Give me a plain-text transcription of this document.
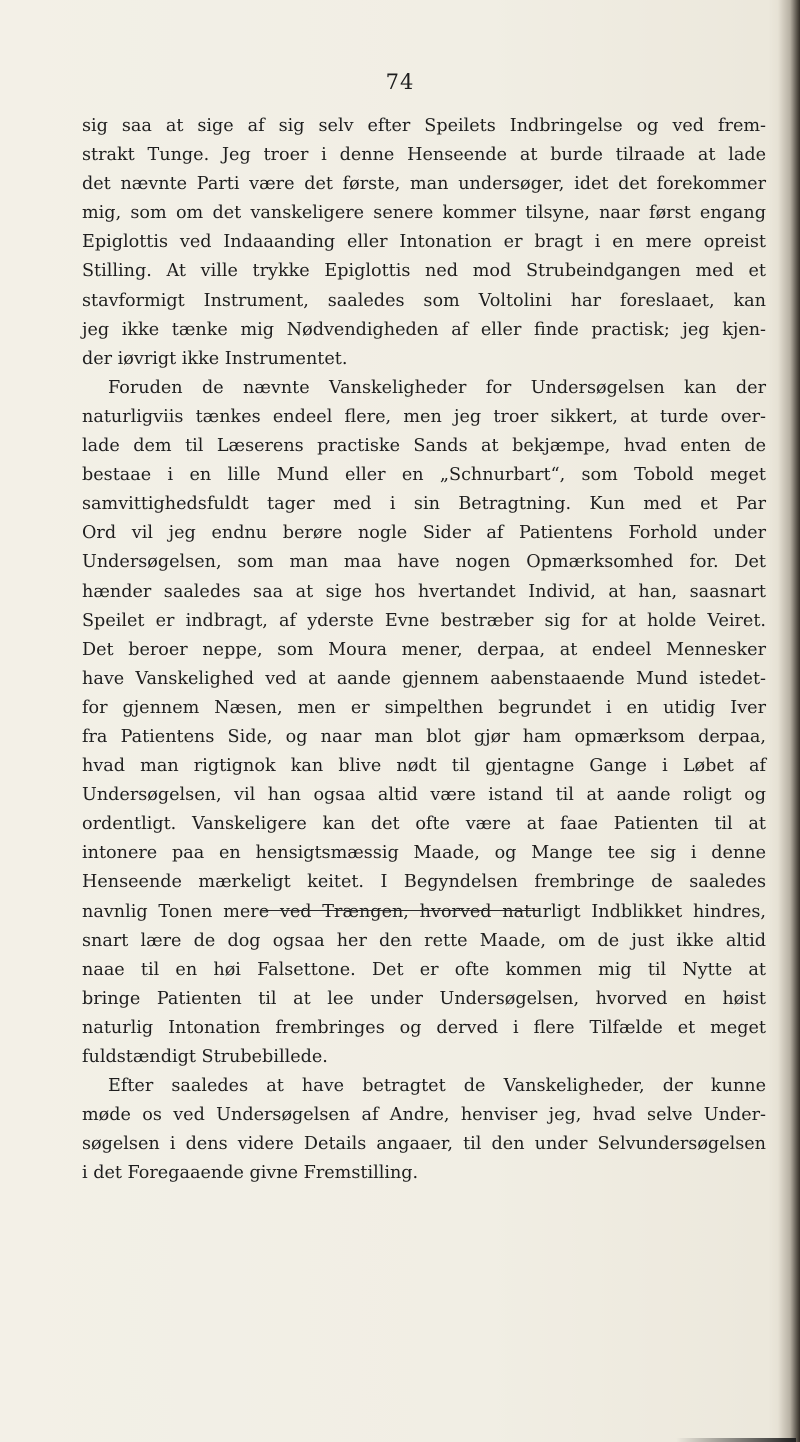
74
sig saa at sige af sig selv efter Speilets Indbringelse og ved frem-
strakt Tunge. Jeg troer i denne Henseende at burde tilraade at lade
det nævnte Parti være det første, man undersøger, idet det forekommer
mig, som om det vanskeligere senere kommer tilsyne, naar først engang
Epiglottis ved Indaaanding eller Intonation er bragt i en mere opreist
Stilling. At ville trykke Epiglottis ned mod Strubeindgangen med et
stavformigt Instrument, saaledes som Voltolini har foreslaaet, kan
jeg ikke tænke mig Nødvendigheden af eller finde practisk; jeg kjen-
der iøvrigt ikke Instrumentet.
Foruden de nævnte Vanskeligheder for Undersøgelsen kan der
naturligviis tænkes endeel flere, men jeg troer sikkert, at turde over-
lade dem til Læserens practiske Sands at bekjæmpe, hvad enten de
bestaae i en lille Mund eller en „Schnurbart“, som Tobold meget
samvittighedsfuldt tager med i sin Betragtning. Kun med et Par
Ord vil jeg endnu berøre nogle Sider af Patientens Forhold under
Undersøgelsen, som man maa have nogen Opmærksomhed for. Det
hænder saaledes saa at sige hos hvertandet Individ, at han, saasnart
Speilet er indbragt, af yderste Evne bestræber sig for at holde Veiret.
Det beroer neppe, som Moura mener, derpaa, at endeel Mennesker
have Vanskelighed ved at aande gjennem aabenstaaende Mund istedet-
for gjennem Næsen, men er simpelthen begrundet i en utidig Iver
fra Patientens Side, og naar man blot gjør ham opmærksom derpaa,
hvad man rigtignok kan blive nødt til gjentagne Gange i Løbet af
Undersøgelsen, vil han ogsaa altid være istand til at aande roligt og
ordentligt. Vanskeligere kan det ofte være at faae Patienten til at
intonere paa en hensigtsmæssig Maade, og Mange tee sig i denne
Henseende mærkeligt keitet. I Begyndelsen frembringe de saaledes
navnlig Tonen mere ved Trængen, hvorved naturligt Indblikket hindres,
snart lære de dog ogsaa her den rette Maade, om de just ikke altid
naae til en høi Falsettone. Det er ofte kommen mig til Nytte at
bringe Patienten til at lee under Undersøgelsen, hvorved en høist
naturlig Intonation frembringes og derved i flere Tilfælde et meget
fuldstændigt Strubebillede.
Efter saaledes at have betragtet de Vanskeligheder, der kunne
møde os ved Undersøgelsen af Andre, henviser jeg, hvad selve Under-
søgelsen i dens videre Details angaaer, til den under Selvundersøgelsen
i det Foregaaende givne Fremstilling.
